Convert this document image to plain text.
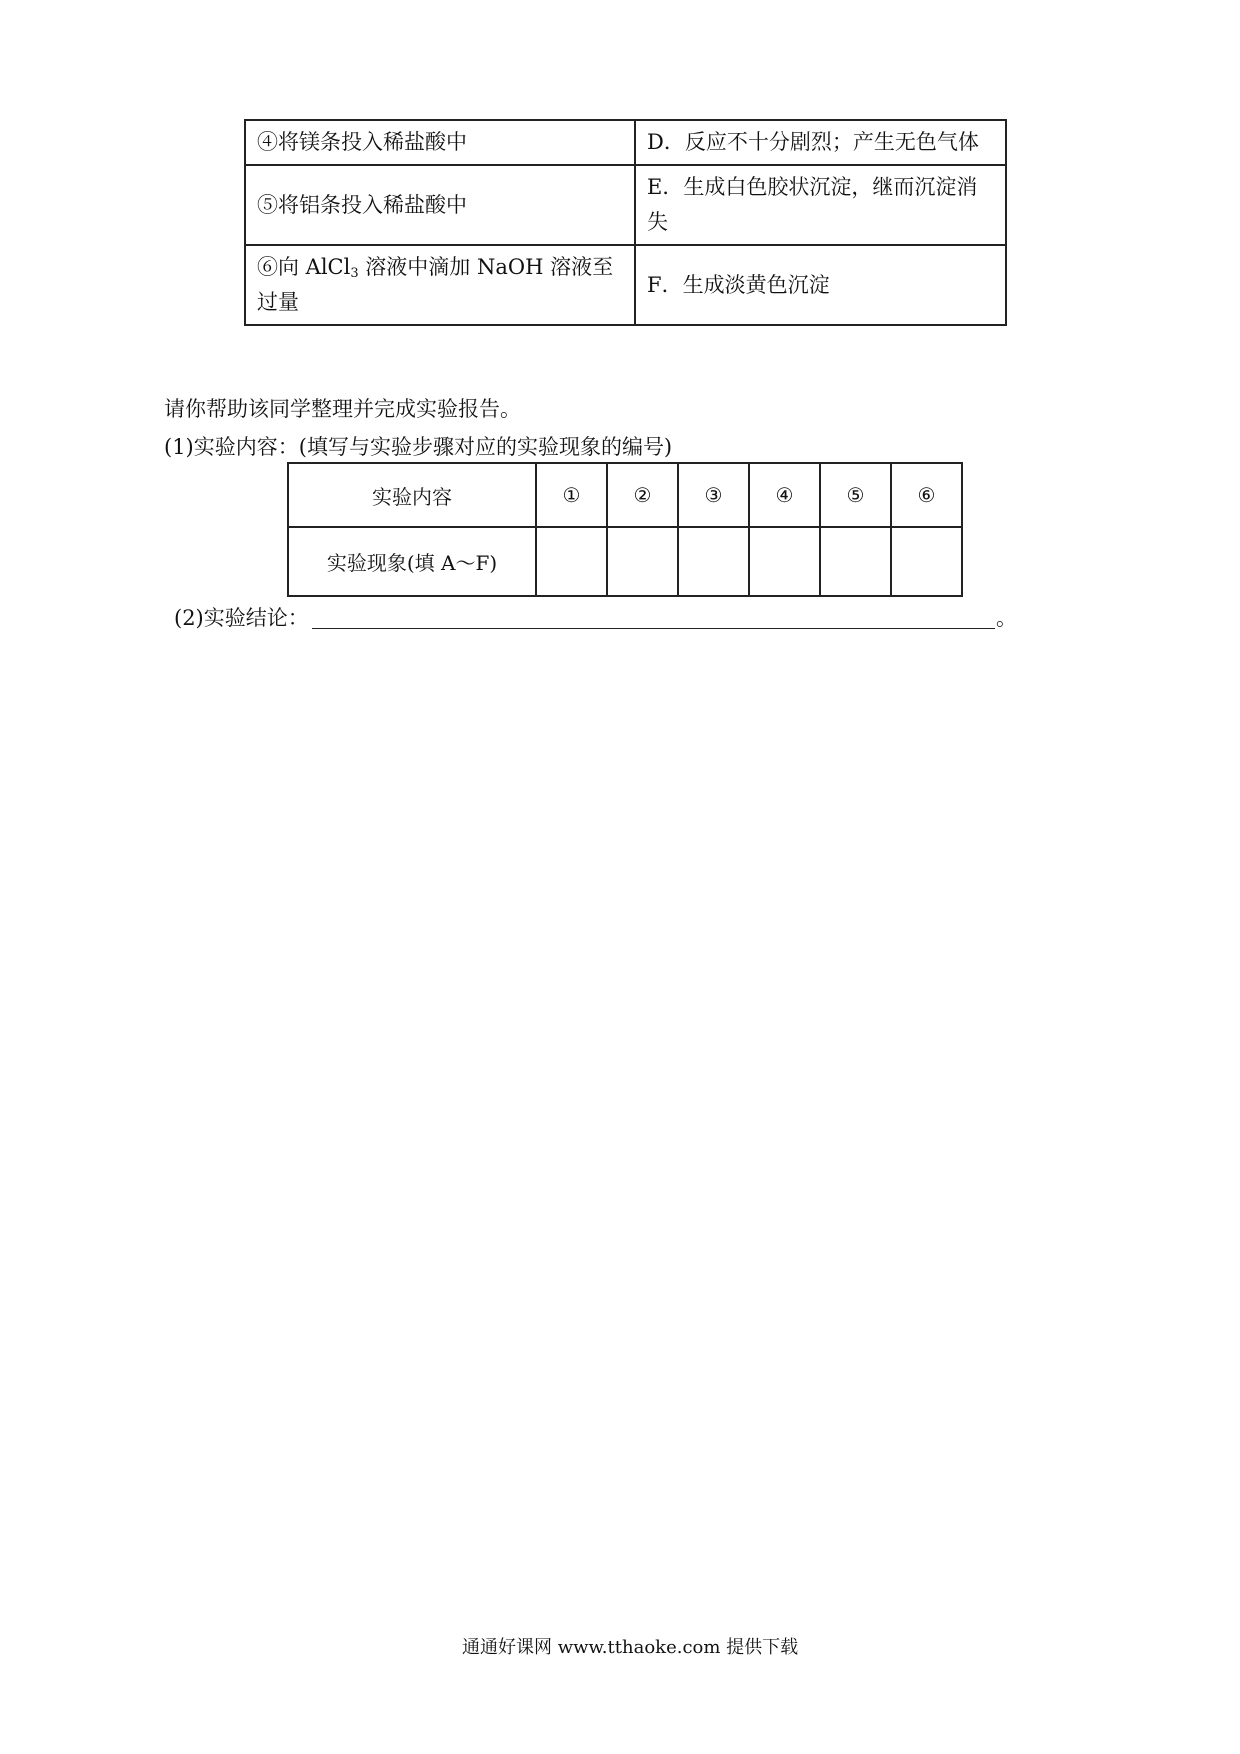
④将镁条投入稀盐酸中	D．反应不十分剧烈；产生无色气体
⑤将铝条投入稀盐酸中	E．生成白色胶状沉淀，继而沉淀消失
⑥向 AlCl$_3$ 溶液中滴加 NaOH 溶液至过量	F．生成淡黄色沉淀
请你帮助该同学整理并完成实验报告。
(1)实验内容：(填写与实验步骤对应的实验现象的编号)
实验内容	①	②	③	④	⑤	⑥
实验现象(填 A～F)						
(2)实验结论：	。
通通好课网 www.tthaoke.com 提供下载
